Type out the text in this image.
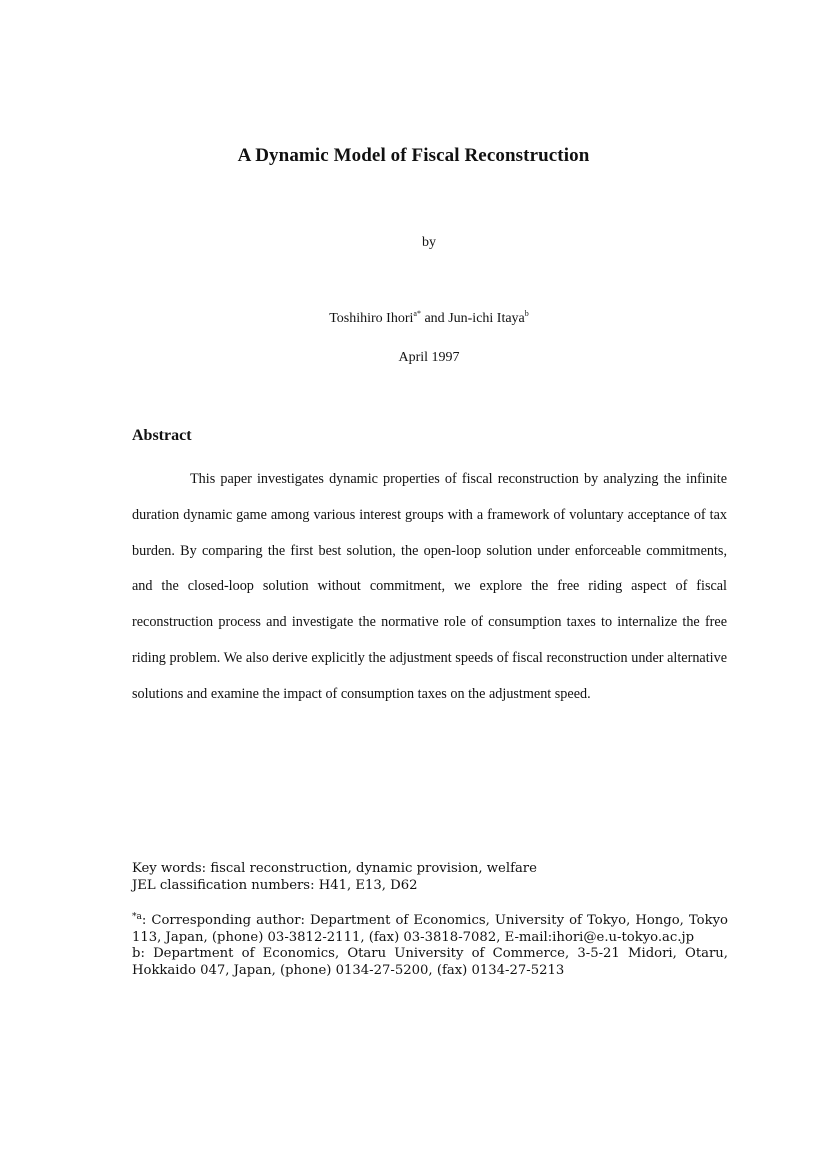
A Dynamic Model of Fiscal Reconstruction
by
Toshihiro Ihori$^{a*}$ and Jun-ichi Itaya$^b$
April 1997
Abstract

This paper investigates dynamic properties of fiscal reconstruction by analyzing the infinite duration dynamic game among various interest groups with a framework of voluntary acceptance of tax burden. By comparing the first best solution, the open-loop solution under enforceable commitments, and the closed-loop solution without commitment, we explore the free riding aspect of fiscal reconstruction process and investigate the normative role of consumption taxes to internalize the free riding problem. We also derive explicitly the adjustment speeds of fiscal reconstruction under alternative solutions and examine the impact of consumption taxes on the adjustment speed.

Key words: fiscal reconstruction, dynamic provision, welfare

JEL classification numbers: H41, E13, D62

$^{*a}$: Corresponding author: Department of Economics, University of Tokyo, Hongo, Tokyo 113, Japan, (phone) 03-3812-2111, (fax) 03-3818-7082, E-mail:ihori@e.u-tokyo.ac.jp

b: Department of Economics, Otaru University of Commerce, 3-5-21 Midori, Otaru, Hokkaido 047, Japan, (phone) 0134-27-5200, (fax) 0134-27-5213
